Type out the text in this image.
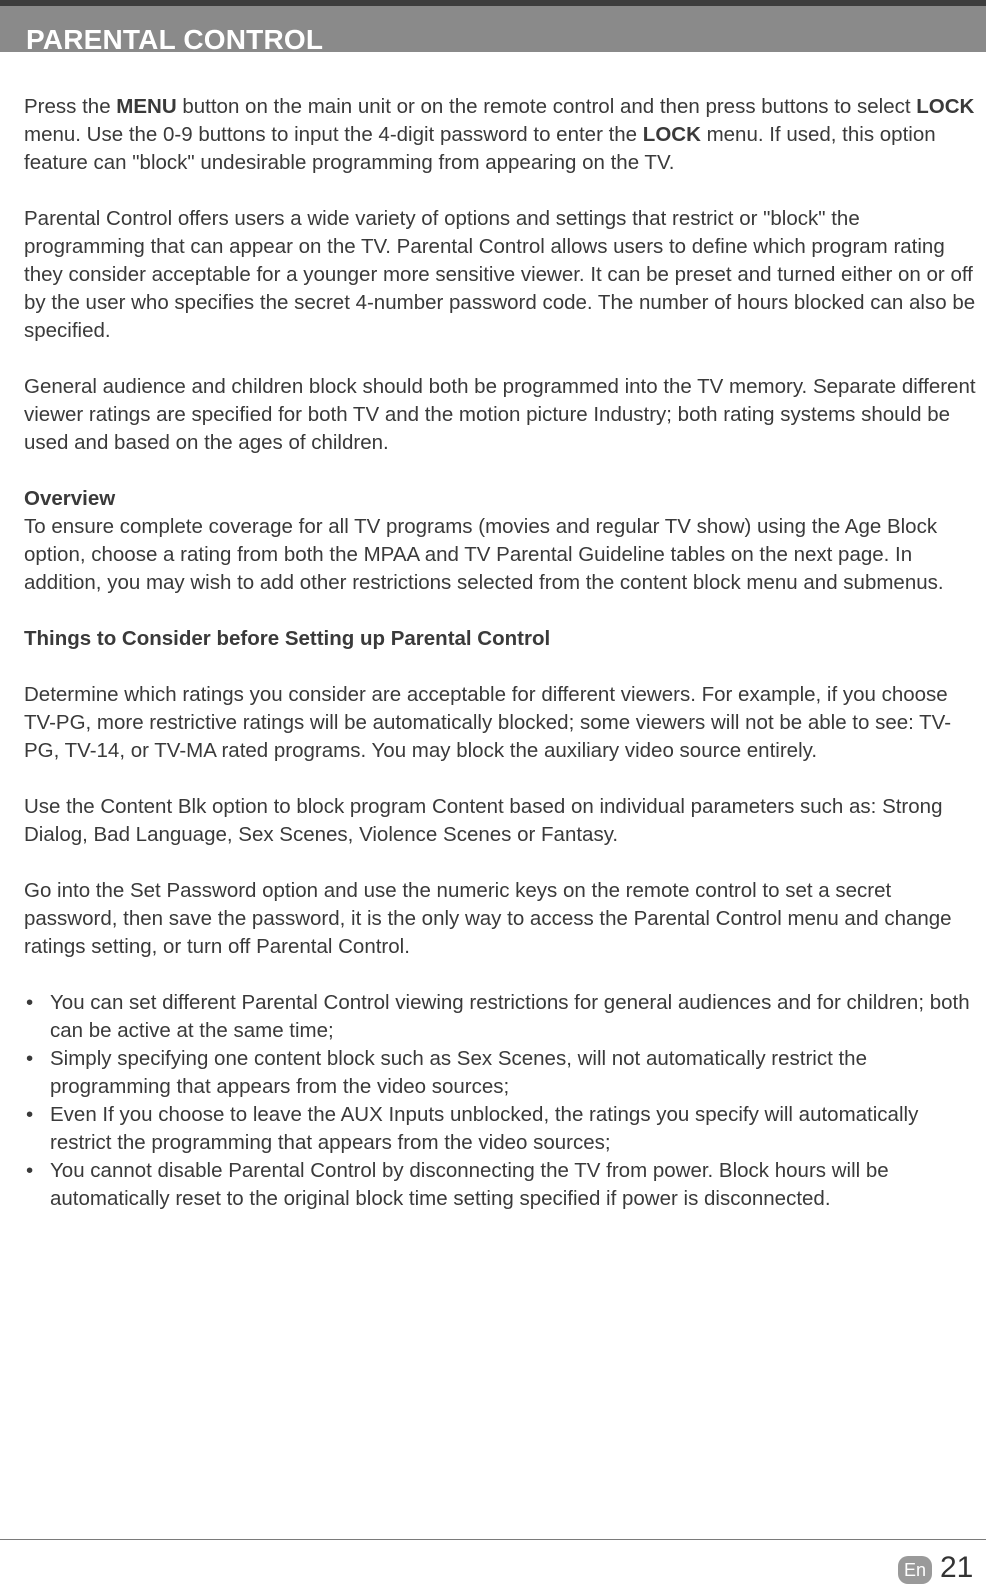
PARENTAL CONTROL

Press the MENU button on the main unit or on the remote control and then press buttons to select LOCK menu. Use the 0-9 buttons to input the 4-digit password to enter the LOCK menu. If used, this option feature can "block" undesirable programming from appearing on the TV.

Parental Control offers users a wide variety of options and settings that restrict or "block" the programming that can appear on the TV. Parental Control allows users to define which program rating they consider acceptable for a younger more sensitive viewer. It can be preset and turned either on or off by the user who specifies the secret 4-number password code. The number of hours blocked can also be specified.

General audience and children block should both be programmed into the TV memory. Separate different viewer ratings are specified for both TV and the motion picture Industry; both rating systems should be used and based on the ages of children.

Overview

To ensure complete coverage for all TV programs (movies and regular TV show) using the Age Block option, choose a rating from both the MPAA and TV Parental Guideline tables on the next page. In addition, you may wish to add other restrictions selected from the content block menu and submenus.

Things to Consider before Setting up Parental Control

Determine which ratings you consider are acceptable for different viewers. For example, if you choose TV-PG, more restrictive ratings will be automatically blocked; some viewers will not be able to see: TV-PG, TV-14, or TV-MA rated programs. You may block the auxiliary video source entirely.

Use the Content Blk option to block program Content based on individual parameters such as: Strong Dialog, Bad Language, Sex Scenes, Violence Scenes or Fantasy.

Go into the Set Password option and use the numeric keys on the remote control to set a secret password, then save the password, it is the only way to access the Parental Control menu and change ratings setting, or turn off Parental Control.

• You can set different Parental Control viewing restrictions for general audiences and for children; both can be active at the same time;
• Simply specifying one content block such as Sex Scenes, will not automatically restrict the programming that appears from the video sources;
• Even If you choose to leave the AUX Inputs unblocked, the ratings you specify will automatically restrict the programming that appears from the video sources;
• You cannot disable Parental Control by disconnecting the TV from power. Block hours will be automatically reset to the original block time setting specified if power is disconnected.
En 21
